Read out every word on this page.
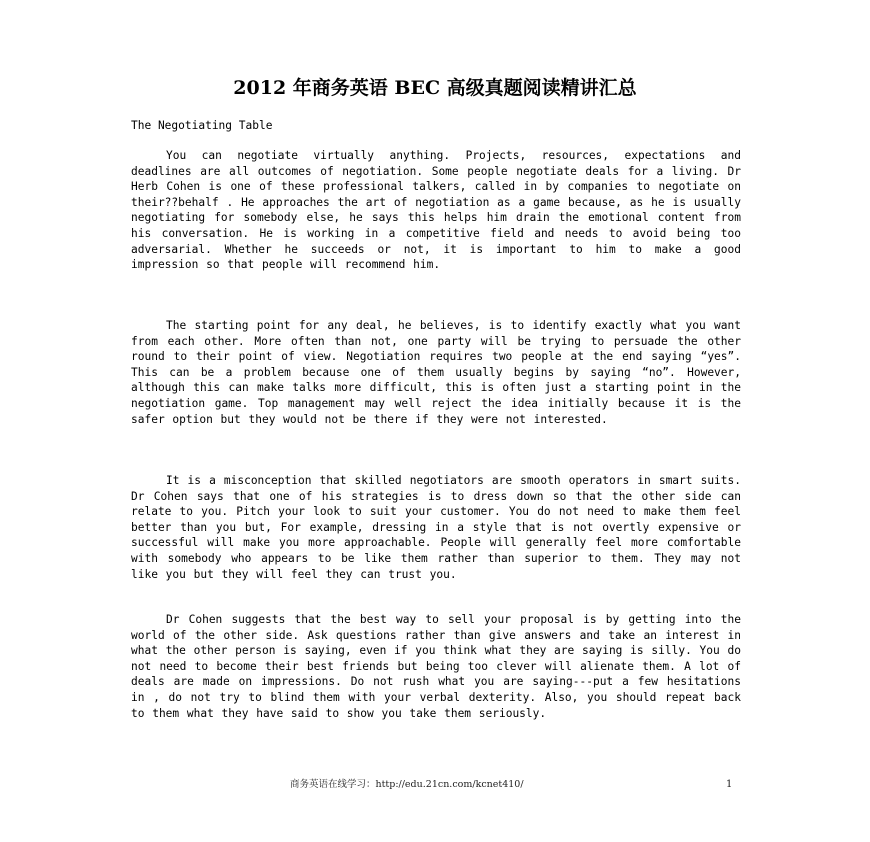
2012 年商务英语 BEC 高级真题阅读精讲汇总
The Negotiating Table

You can negotiate virtually anything. Projects, resources, expectations and deadlines are all outcomes of negotiation. Some people negotiate deals for a living. Dr Herb Cohen is one of these professional talkers, called in by companies to negotiate on their??behalf . He approaches the art of negotiation as a game because, as he is usually negotiating for somebody else, he says this helps him drain the emotional content from his conversation. He is working in a competitive field and needs to avoid being too adversarial. Whether he succeeds or not, it is important to him to make a good impression so that people will recommend him.

The starting point for any deal, he believes, is to identify exactly what you want from each other. More often than not, one party will be trying to persuade the other round to their point of view. Negotiation requires two people at the end saying “yes”. This can be a problem because one of them usually begins by saying “no”. However, although this can make talks more difficult, this is often just a starting point in the negotiation game. Top management may well reject the idea initially because it is the safer option but they would not be there if they were not interested.

It is a misconception that skilled negotiators are smooth operators in smart suits. Dr Cohen says that one of his strategies is to dress down so that the other side can relate to you. Pitch your look to suit your customer. You do not need to make them feel better than you but, For example, dressing in a style that is not overtly expensive or successful will make you more approachable. People will generally feel more comfortable with somebody who appears to be like them rather than superior to them. They may not like you but they will feel they can trust you.

Dr Cohen suggests that the best way to sell your proposal is by getting into the world of the other side. Ask questions rather than give answers and take an interest in what the other person is saying, even if you think what they are saying is silly. You do not need to become their best friends but being too clever will alienate them. A lot of deals are made on impressions. Do not rush what you are saying---put a few hesitations in , do not try to blind them with your verbal dexterity. Also, you should repeat back to them what they have said to show you take them seriously.

商务英语在线学习：http://edu.21cn.com/kcnet410/	1
